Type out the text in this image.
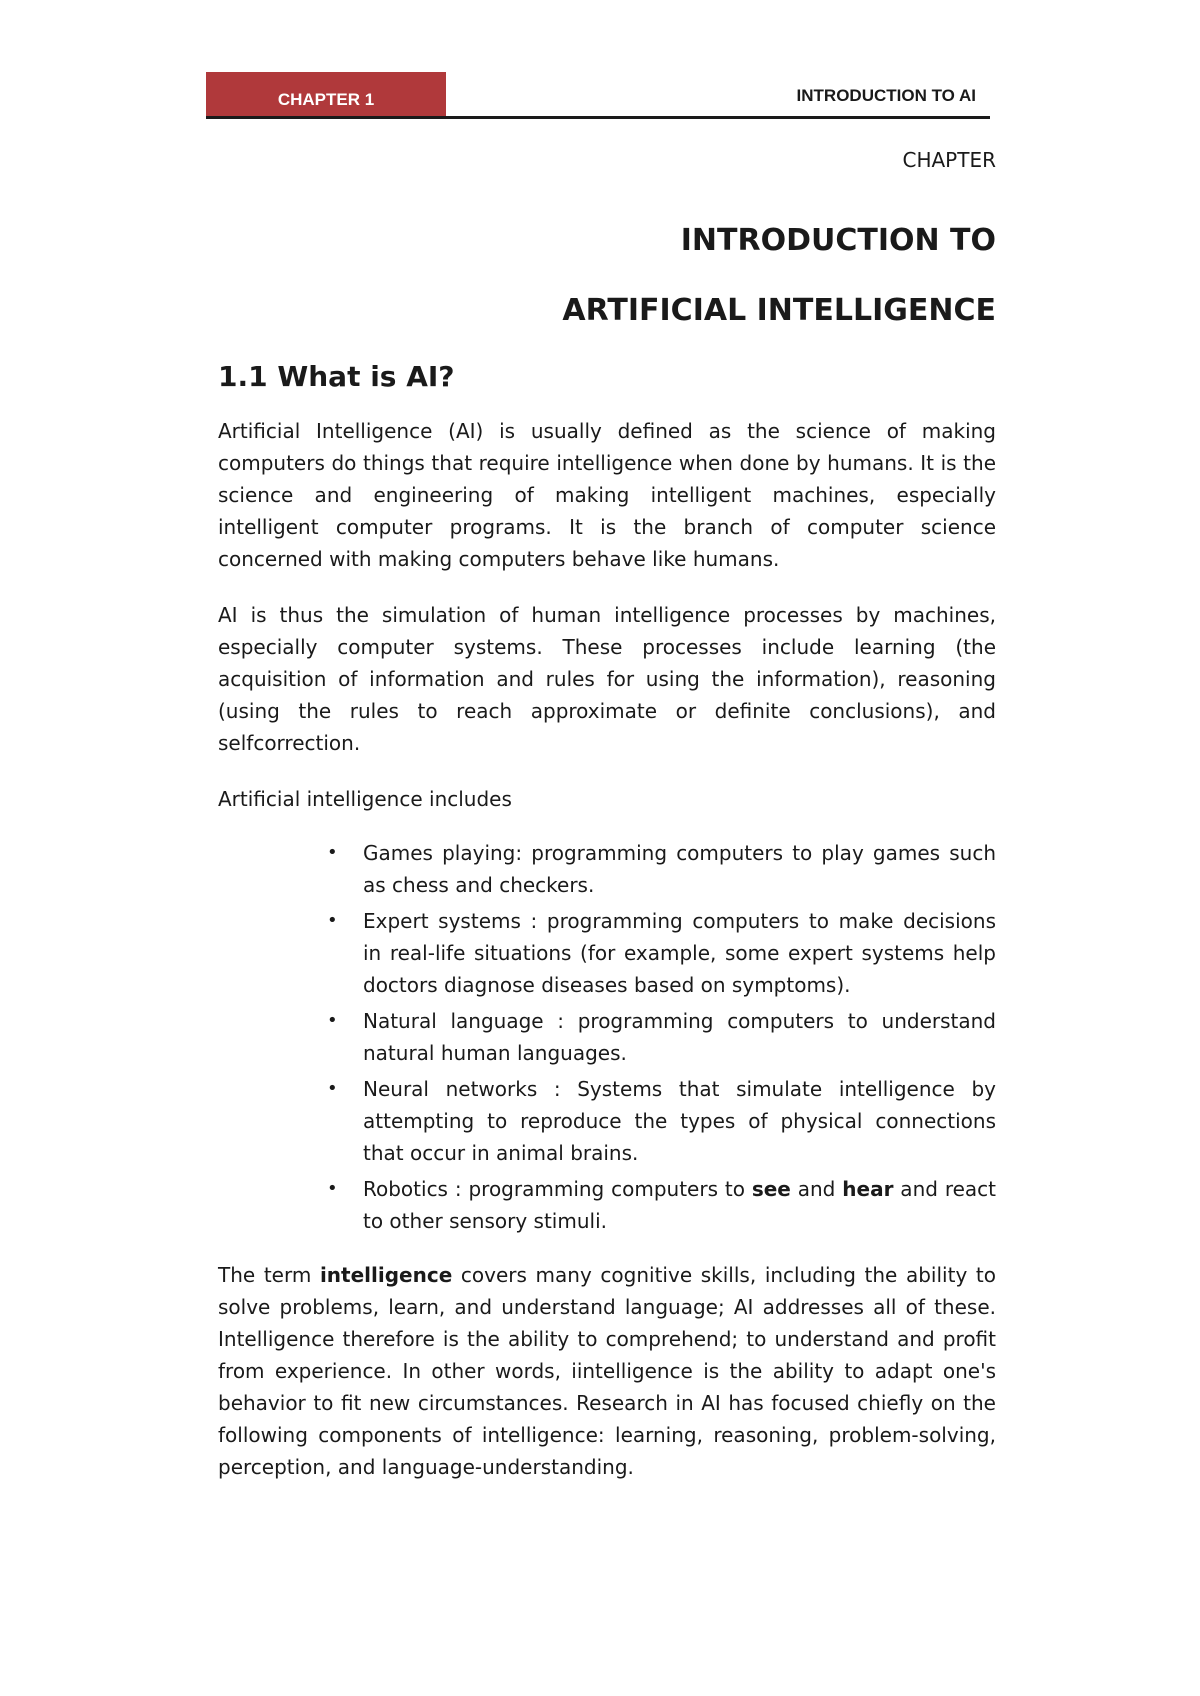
CHAPTER 1	INTRODUCTION TO AI
CHAPTER
INTRODUCTION TO
ARTIFICIAL INTELLIGENCE
1.1 What is AI?

Artificial Intelligence (AI) is usually defined as the science of making computers do things that require intelligence when done by humans. It is the science and engineering of making intelligent machines, especially intelligent computer programs. It is the branch of computer science concerned with making computers behave like humans.

AI is thus the simulation of human intelligence processes by machines, especially computer systems. These processes include learning (the acquisition of information and rules for using the information), reasoning (using the rules to reach approximate or definite conclusions), and selfcorrection.

Artificial intelligence includes

• Games playing: programming computers to play games such as chess and checkers.
• Expert systems : programming computers to make decisions in real-life situations (for example, some expert systems help doctors diagnose diseases based on symptoms).
• Natural language : programming computers to understand natural human languages.
• Neural networks : Systems that simulate intelligence by attempting to reproduce the types of physical connections that occur in animal brains.
• Robotics : programming computers to see and hear and react to other sensory stimuli.

The term intelligence covers many cognitive skills, including the ability to solve problems, learn, and understand language; AI addresses all of these. Intelligence therefore is the ability to comprehend; to understand and profit from experience. In other words, iintelligence is the ability to adapt one's behavior to fit new circumstances. Research in AI has focused chiefly on the following components of intelligence: learning, reasoning, problem-solving, perception, and language-understanding.
